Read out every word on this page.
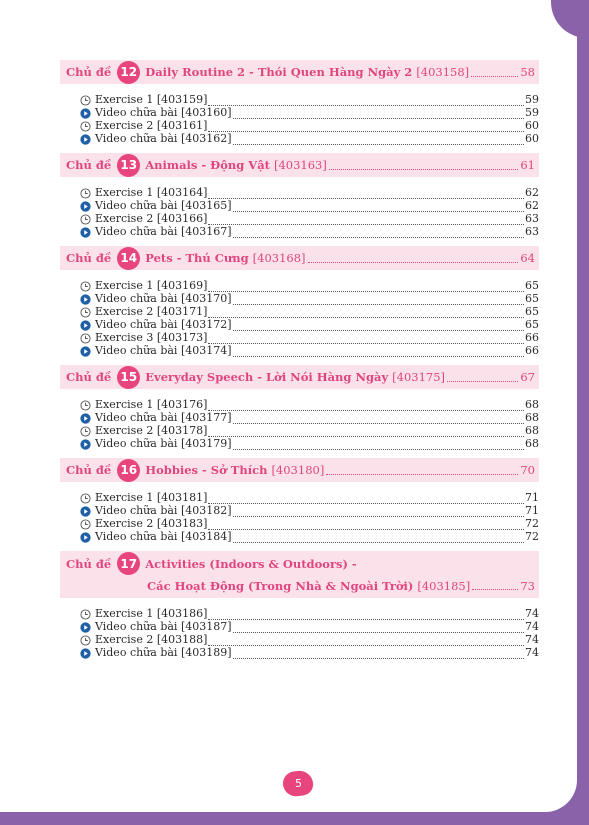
Chủ đề 12 Daily Routine 2 - Thói Quen Hàng Ngày 2 [403158]	58
Exercise 1 [403159]	59
Video chữa bài [403160]	59
Exercise 2 [403161]	60
Video chữa bài [403162]	60
Chủ đề 13 Animals - Động Vật [403163]	61
Exercise 1 [403164]	62
Video chữa bài [403165]	62
Exercise 2 [403166]	63
Video chữa bài [403167]	63
Chủ đề 14 Pets - Thú Cưng [403168]	64
Exercise 1 [403169]	65
Video chữa bài [403170]	65
Exercise 2 [403171]	65
Video chữa bài [403172]	65
Exercise 3 [403173]	66
Video chữa bài [403174]	66
Chủ đề 15 Everyday Speech - Lời Nói Hàng Ngày [403175]	67
Exercise 1 [403176]	68
Video chữa bài [403177]	68
Exercise 2 [403178]	68
Video chữa bài [403179]	68
Chủ đề 16 Hobbies - Sở Thích [403180]	70
Exercise 1 [403181]	71
Video chữa bài [403182]	71
Exercise 2 [403183]	72
Video chữa bài [403184]	72
Chủ đề 17 Activities (Indoors & Outdoors) -
Các Hoạt Động (Trong Nhà & Ngoài Trời) [403185]	73
Exercise 1 [403186]	74
Video chữa bài [403187]	74
Exercise 2 [403188]	74
Video chữa bài [403189]	74
5
